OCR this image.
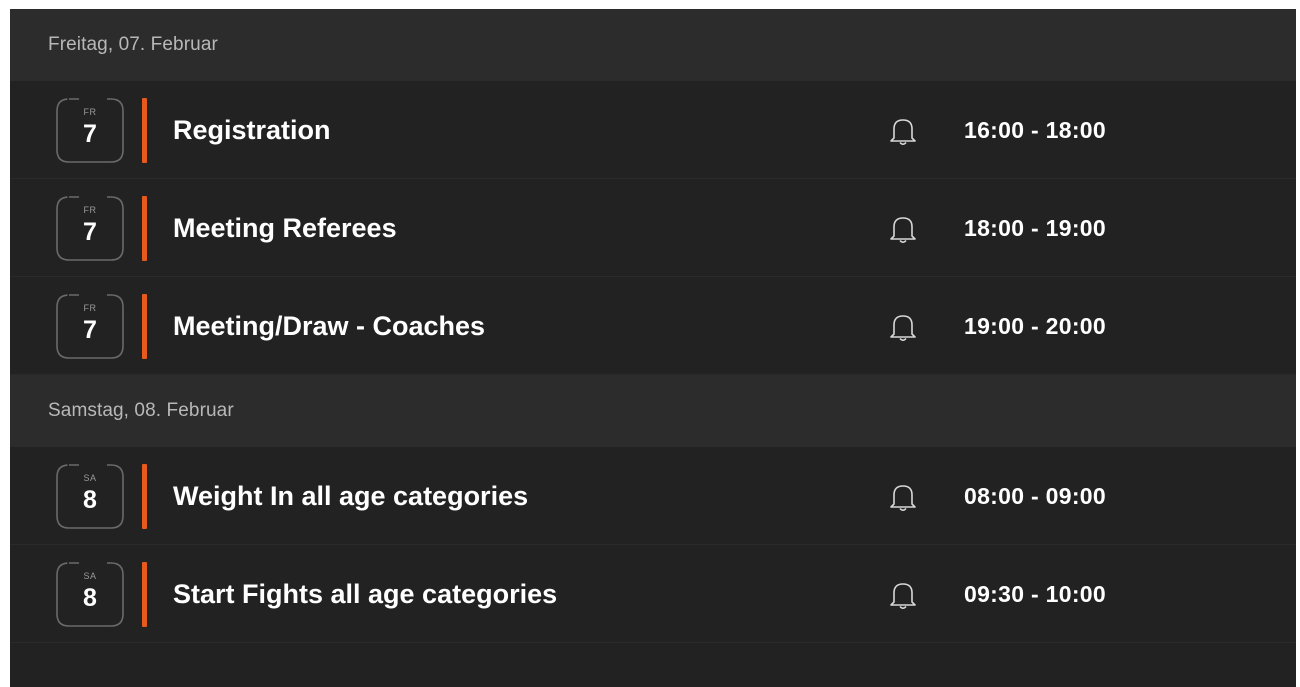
Freitag, 07. Februar
FR
7	Registration	16:00 - 18:00
FR
7	Meeting Referees	18:00 - 19:00
FR
7	Meeting/Draw - Coaches	19:00 - 20:00
Samstag, 08. Februar
SA
8	Weight In all age categories	08:00 - 09:00
SA
8	Start Fights all age categories	09:30 - 10:00
